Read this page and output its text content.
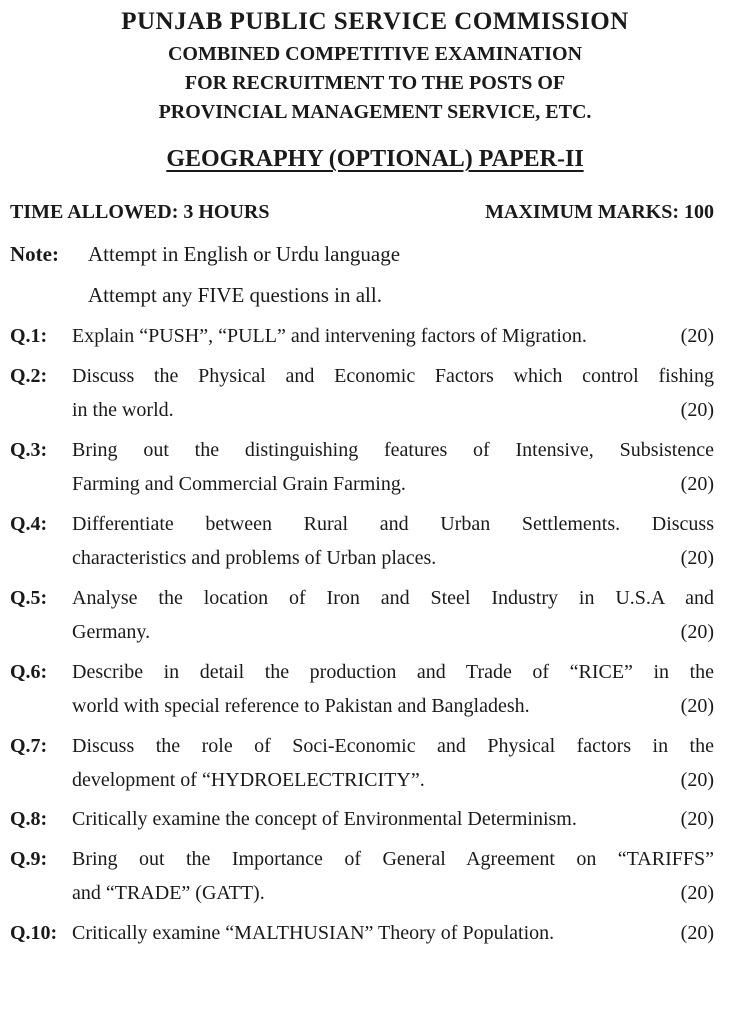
PUNJAB PUBLIC SERVICE COMMISSION
COMBINED COMPETITIVE EXAMINATION
FOR RECRUITMENT TO THE POSTS OF
PROVINCIAL MANAGEMENT SERVICE, ETC.
GEOGRAPHY (OPTIONAL) PAPER-II
TIME ALLOWED: 3 HOURS	MAXIMUM MARKS: 100
Note: Attempt in English or Urdu language
Attempt any FIVE questions in all.
Q.1:	Explain “PUSH”, “PULL” and intervening factors of Migration.	(20)
Q.2:	Discuss the Physical and Economic Factors which control fishing
in the world.	(20)
Q.3:	Bring out the distinguishing features of Intensive, Subsistence
Farming and Commercial Grain Farming.	(20)
Q.4:	Differentiate between Rural and Urban Settlements. Discuss
characteristics and problems of Urban places.	(20)
Q.5:	Analyse the location of Iron and Steel Industry in U.S.A and
Germany.	(20)
Q.6:	Describe in detail the production and Trade of “RICE” in the
world with special reference to Pakistan and Bangladesh.	(20)
Q.7:	Discuss the role of Soci-Economic and Physical factors in the
development of “HYDROELECTRICITY”.	(20)
Q.8:	Critically examine the concept of Environmental Determinism.	(20)
Q.9:	Bring out the Importance of General Agreement on “TARIFFS”
and “TRADE” (GATT).	(20)
Q.10: Critically examine “MALTHUSIAN” Theory of Population.	(20)
